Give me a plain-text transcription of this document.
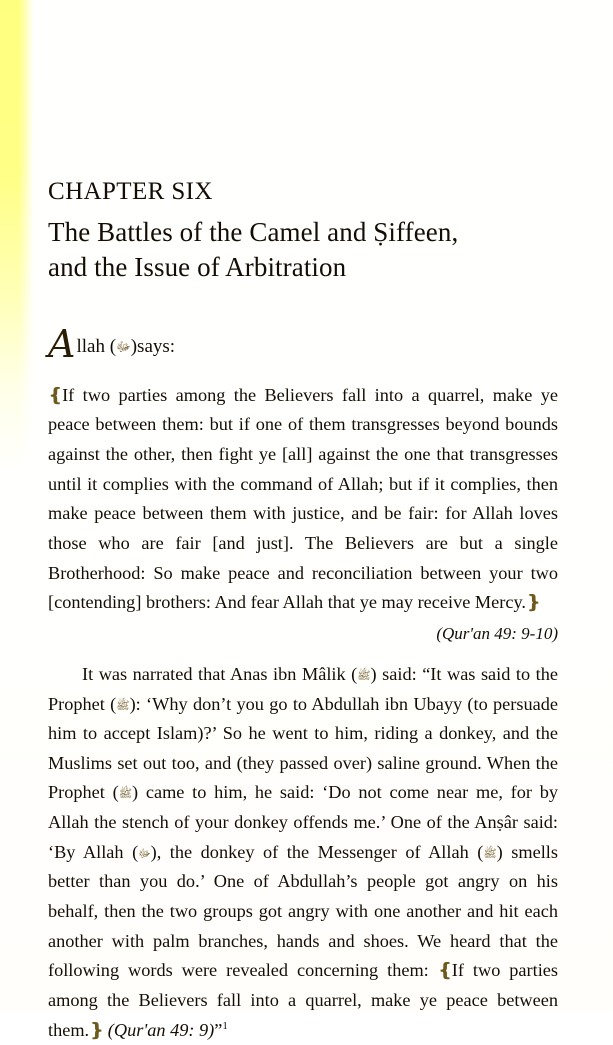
CHAPTER SIX
The Battles of the Camel and Ṣiffeen,
and the Issue of Arbitration

A llah
( ﷻ ) says:

❴If two parties among the Believers fall into a quarrel, make ye peace between them: but if one of them transgresses beyond bounds against the other, then fight ye [all] against the one that transgresses until it complies with the command of Allah; but if it complies, then make peace between them with justice, and be fair: for Allah loves those who are fair [and just]. The Believers are but a single Brotherhood: So make peace and reconciliation between your two [contending] brothers: And fear Allah that ye may receive Mercy.❵

(Qur'an 49: 9-10)

It was narrated that Anas ibn Mâlik (ﷺ) said: “It was said to the Prophet (ﷺ): ‘Why don’t you go to Abdullah ibn Ubayy (to persuade him to accept Islam)?’ So he went to him, riding a donkey, and the Muslims set out too, and (they passed over) saline ground. When the Prophet (ﷺ) came to him, he said: ‘Do not come near me, for by Allah the stench of your donkey offends me.’ One of the Anṣâr said: ‘By Allah (ﷻ), the donkey of the Messenger of Allah (ﷺ) smells better than you do.’ One of Abdullah’s people got angry on his behalf, then the two groups got angry with one another and hit each another with palm branches, hands and shoes. We heard that the following words were revealed concerning them: ❴If two parties among the Believers fall into a quarrel, make ye peace between them.❵ (Qur'an 49: 9)”$^1$
